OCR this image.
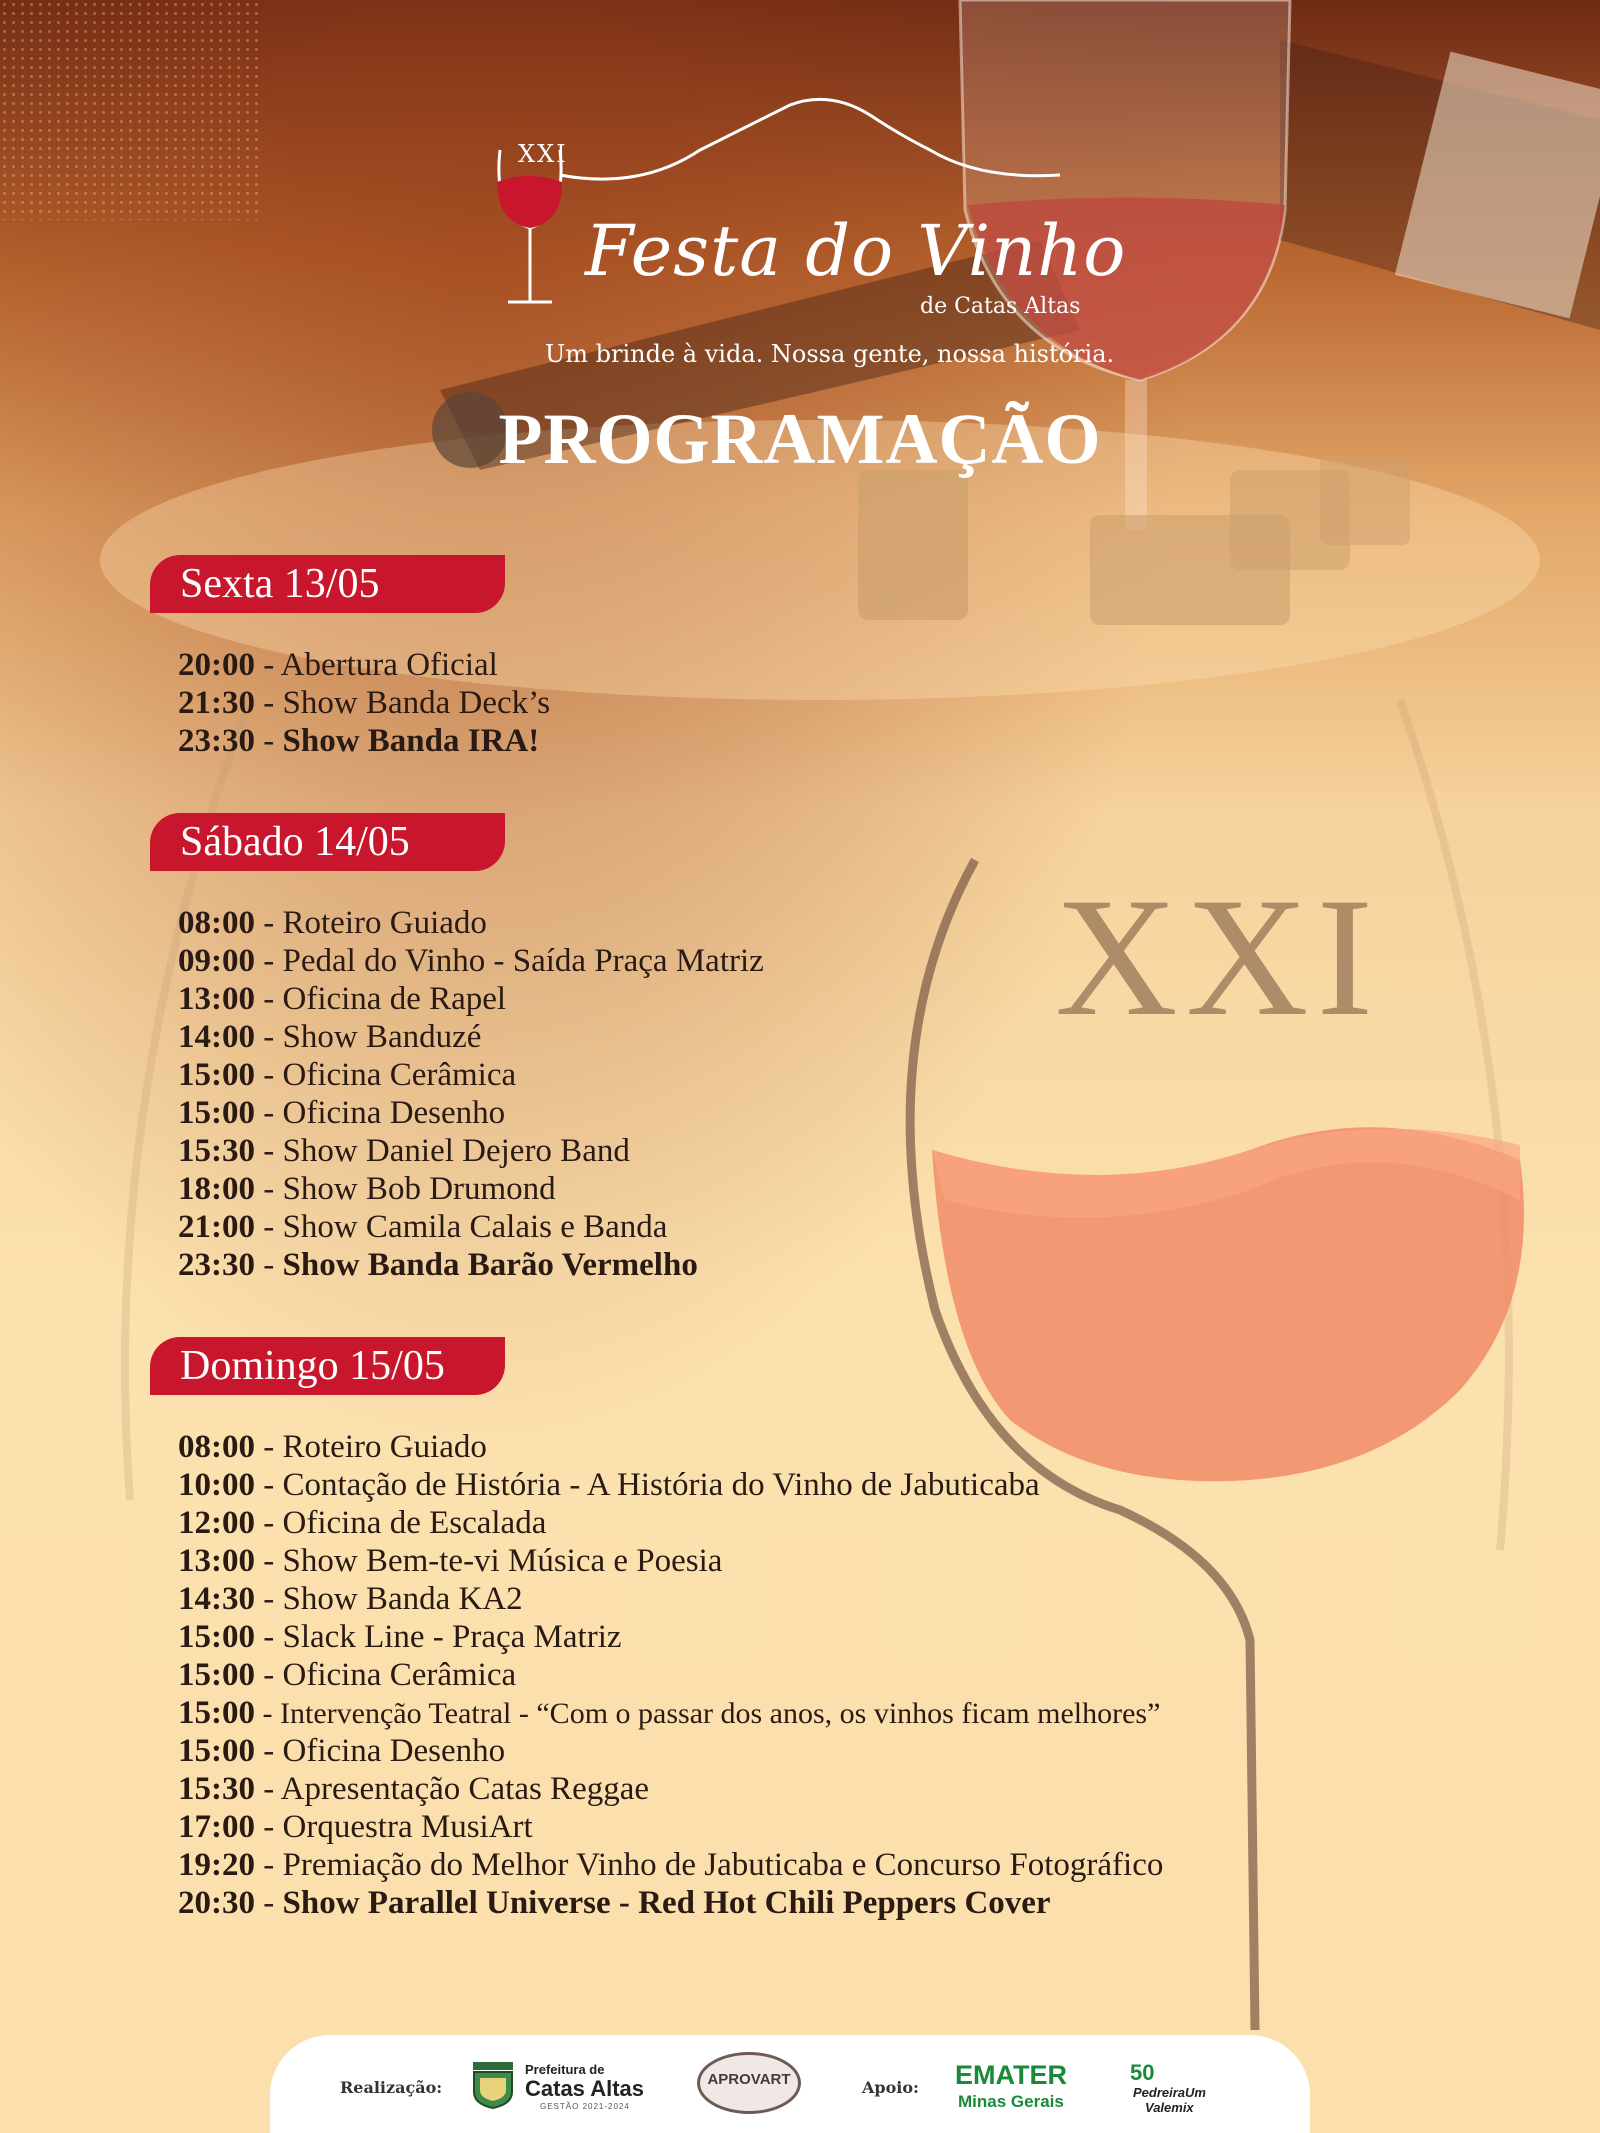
XXI
Festa do Vinho
de Catas Altas
Um brinde à vida. Nossa gente, nossa história.
PROGRAMAÇÃO
XXI
Sexta 13/05
20:00 - Abertura Oficial
21:30 - Show Banda Deck’s
23:30 - Show Banda IRA!
Sábado 14/05
08:00 - Roteiro Guiado
09:00 - Pedal do Vinho - Saída Praça Matriz
13:00 - Oficina de Rapel
14:00 - Show Banduzé
15:00 - Oficina Cerâmica
15:00 - Oficina Desenho
15:30 - Show Daniel Dejero Band
18:00 - Show Bob Drumond
21:00 - Show Camila Calais e Banda
23:30 - Show Banda Barão Vermelho
Domingo 15/05
08:00 - Roteiro Guiado
10:00 - Contação de História - A História do Vinho de Jabuticaba
12:00 - Oficina de Escalada
13:00 - Show Bem-te-vi Música e Poesia
14:30 - Show Banda KA2
15:00 - Slack Line - Praça Matriz
15:00 - Oficina Cerâmica
15:00 - Intervenção Teatral - “Com o passar dos anos, os vinhos ficam melhores”
15:00 - Oficina Desenho
15:30 - Apresentação Catas Reggae
17:00 - Orquestra MusiArt
19:20 - Premiação do Melhor Vinho de Jabuticaba e Concurso Fotográfico
20:30 - Show Parallel Universe - Red Hot Chili Peppers Cover
Realização:
Prefeitura de
Catas Altas
GESTÃO 2021-2024
APROVART	Apoio: EMATER
Minas Gerais
50
PedreiraUm
Valemix
